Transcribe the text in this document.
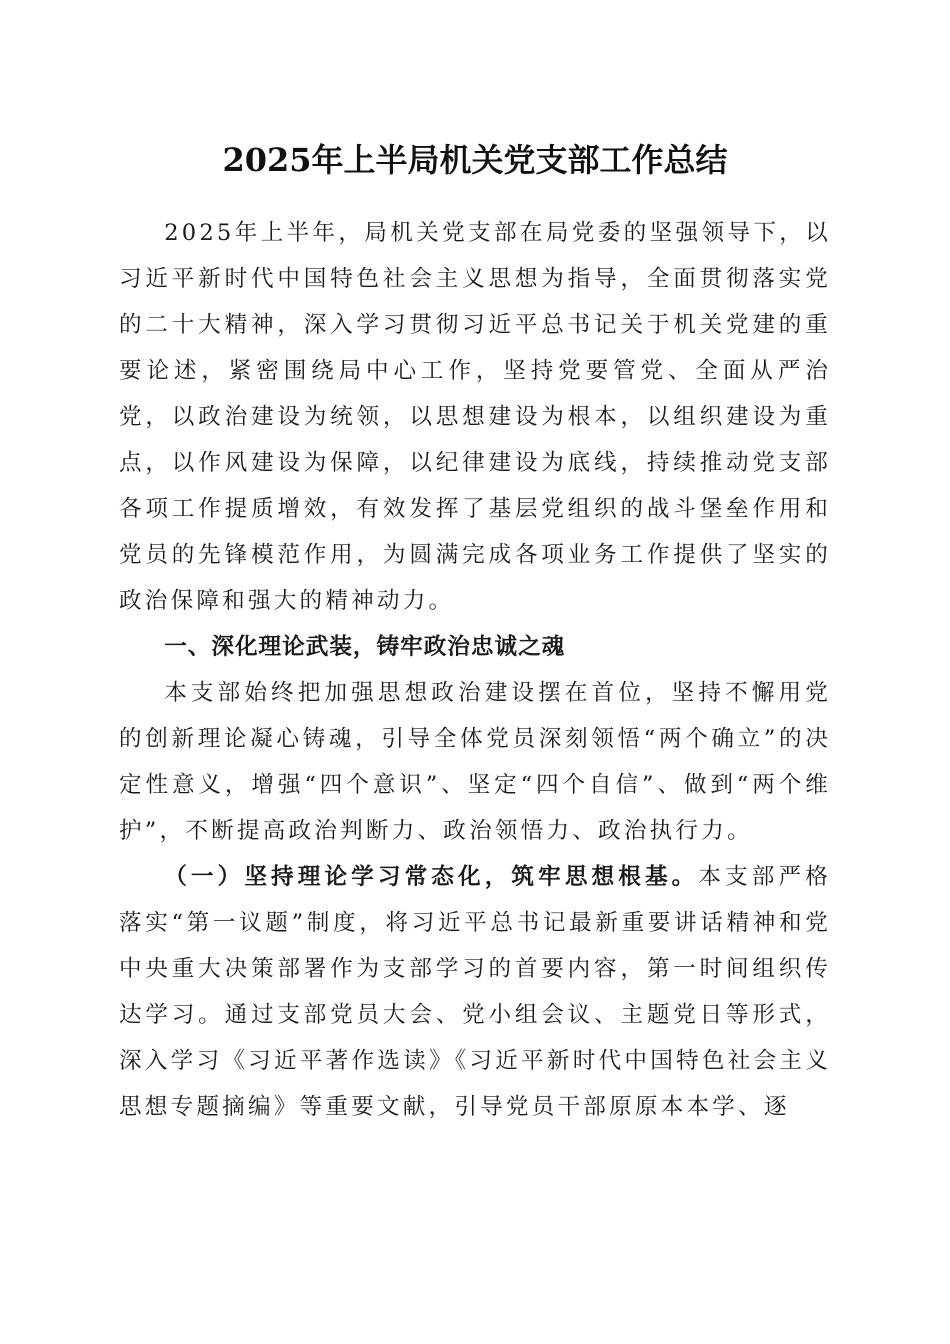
2025年上半局机关党支部工作总结

2025年上半年，局机关党支部在局党委的坚强领导下，以习近平新时代中国特色社会主义思想为指导，全面贯彻落实党的二十大精神，深入学习贯彻习近平总书记关于机关党建的重要论述，紧密围绕局中心工作，坚持党要管党、全面从严治党，以政治建设为统领，以思想建设为根本，以组织建设为重点，以作风建设为保障，以纪律建设为底线，持续推动党支部各项工作提质增效，有效发挥了基层党组织的战斗堡垒作用和党员的先锋模范作用，为圆满完成各项业务工作提供了坚实的政治保障和强大的精神动力。

一、深化理论武装，铸牢政治忠诚之魂

本支部始终把加强思想政治建设摆在首位，坚持不懈用党的创新理论凝心铸魂，引导全体党员深刻领悟“两个确立”的决定性意义，增强“四个意识”、坚定“四个自信”、做到“两个维护”，不断提高政治判断力、政治领悟力、政治执行力。

（一）坚持理论学习常态化，筑牢思想根基。本支部严格落实“第一议题”制度，将习近平总书记最新重要讲话精神和党中央重大决策部署作为支部学习的首要内容，第一时间组织传达学习。通过支部党员大会、党小组会议、主题党日等形式，深入学习《习近平著作选读》《习近平新时代中国特色社会主义思想专题摘编》等重要文献，引导党员干部原原本本学、逐
